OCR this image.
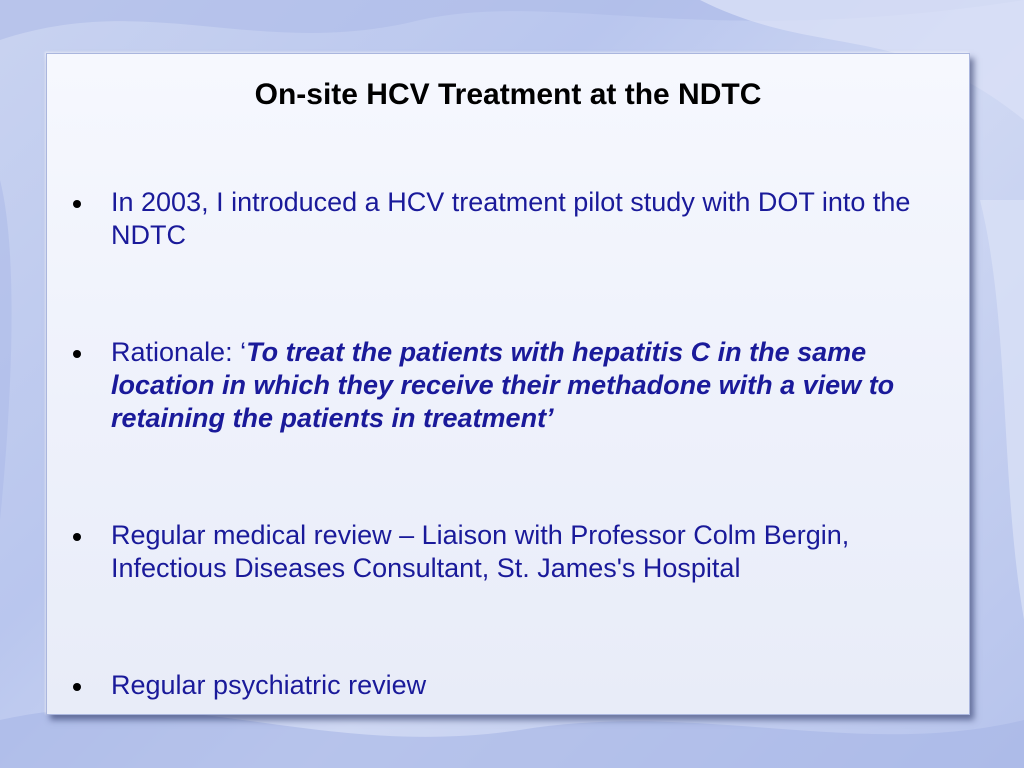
On-site HCV Treatment at the NDTC
In 2003, I introduced a HCV treatment pilot study with DOT into the NDTC
Rationale: ‘To treat the patients with hepatitis C in the same location in which they receive their methadone with a view to retaining the patients in treatment’
Regular medical review – Liaison with Professor Colm Bergin, Infectious Diseases Consultant, St. James's Hospital
Regular psychiatric review
